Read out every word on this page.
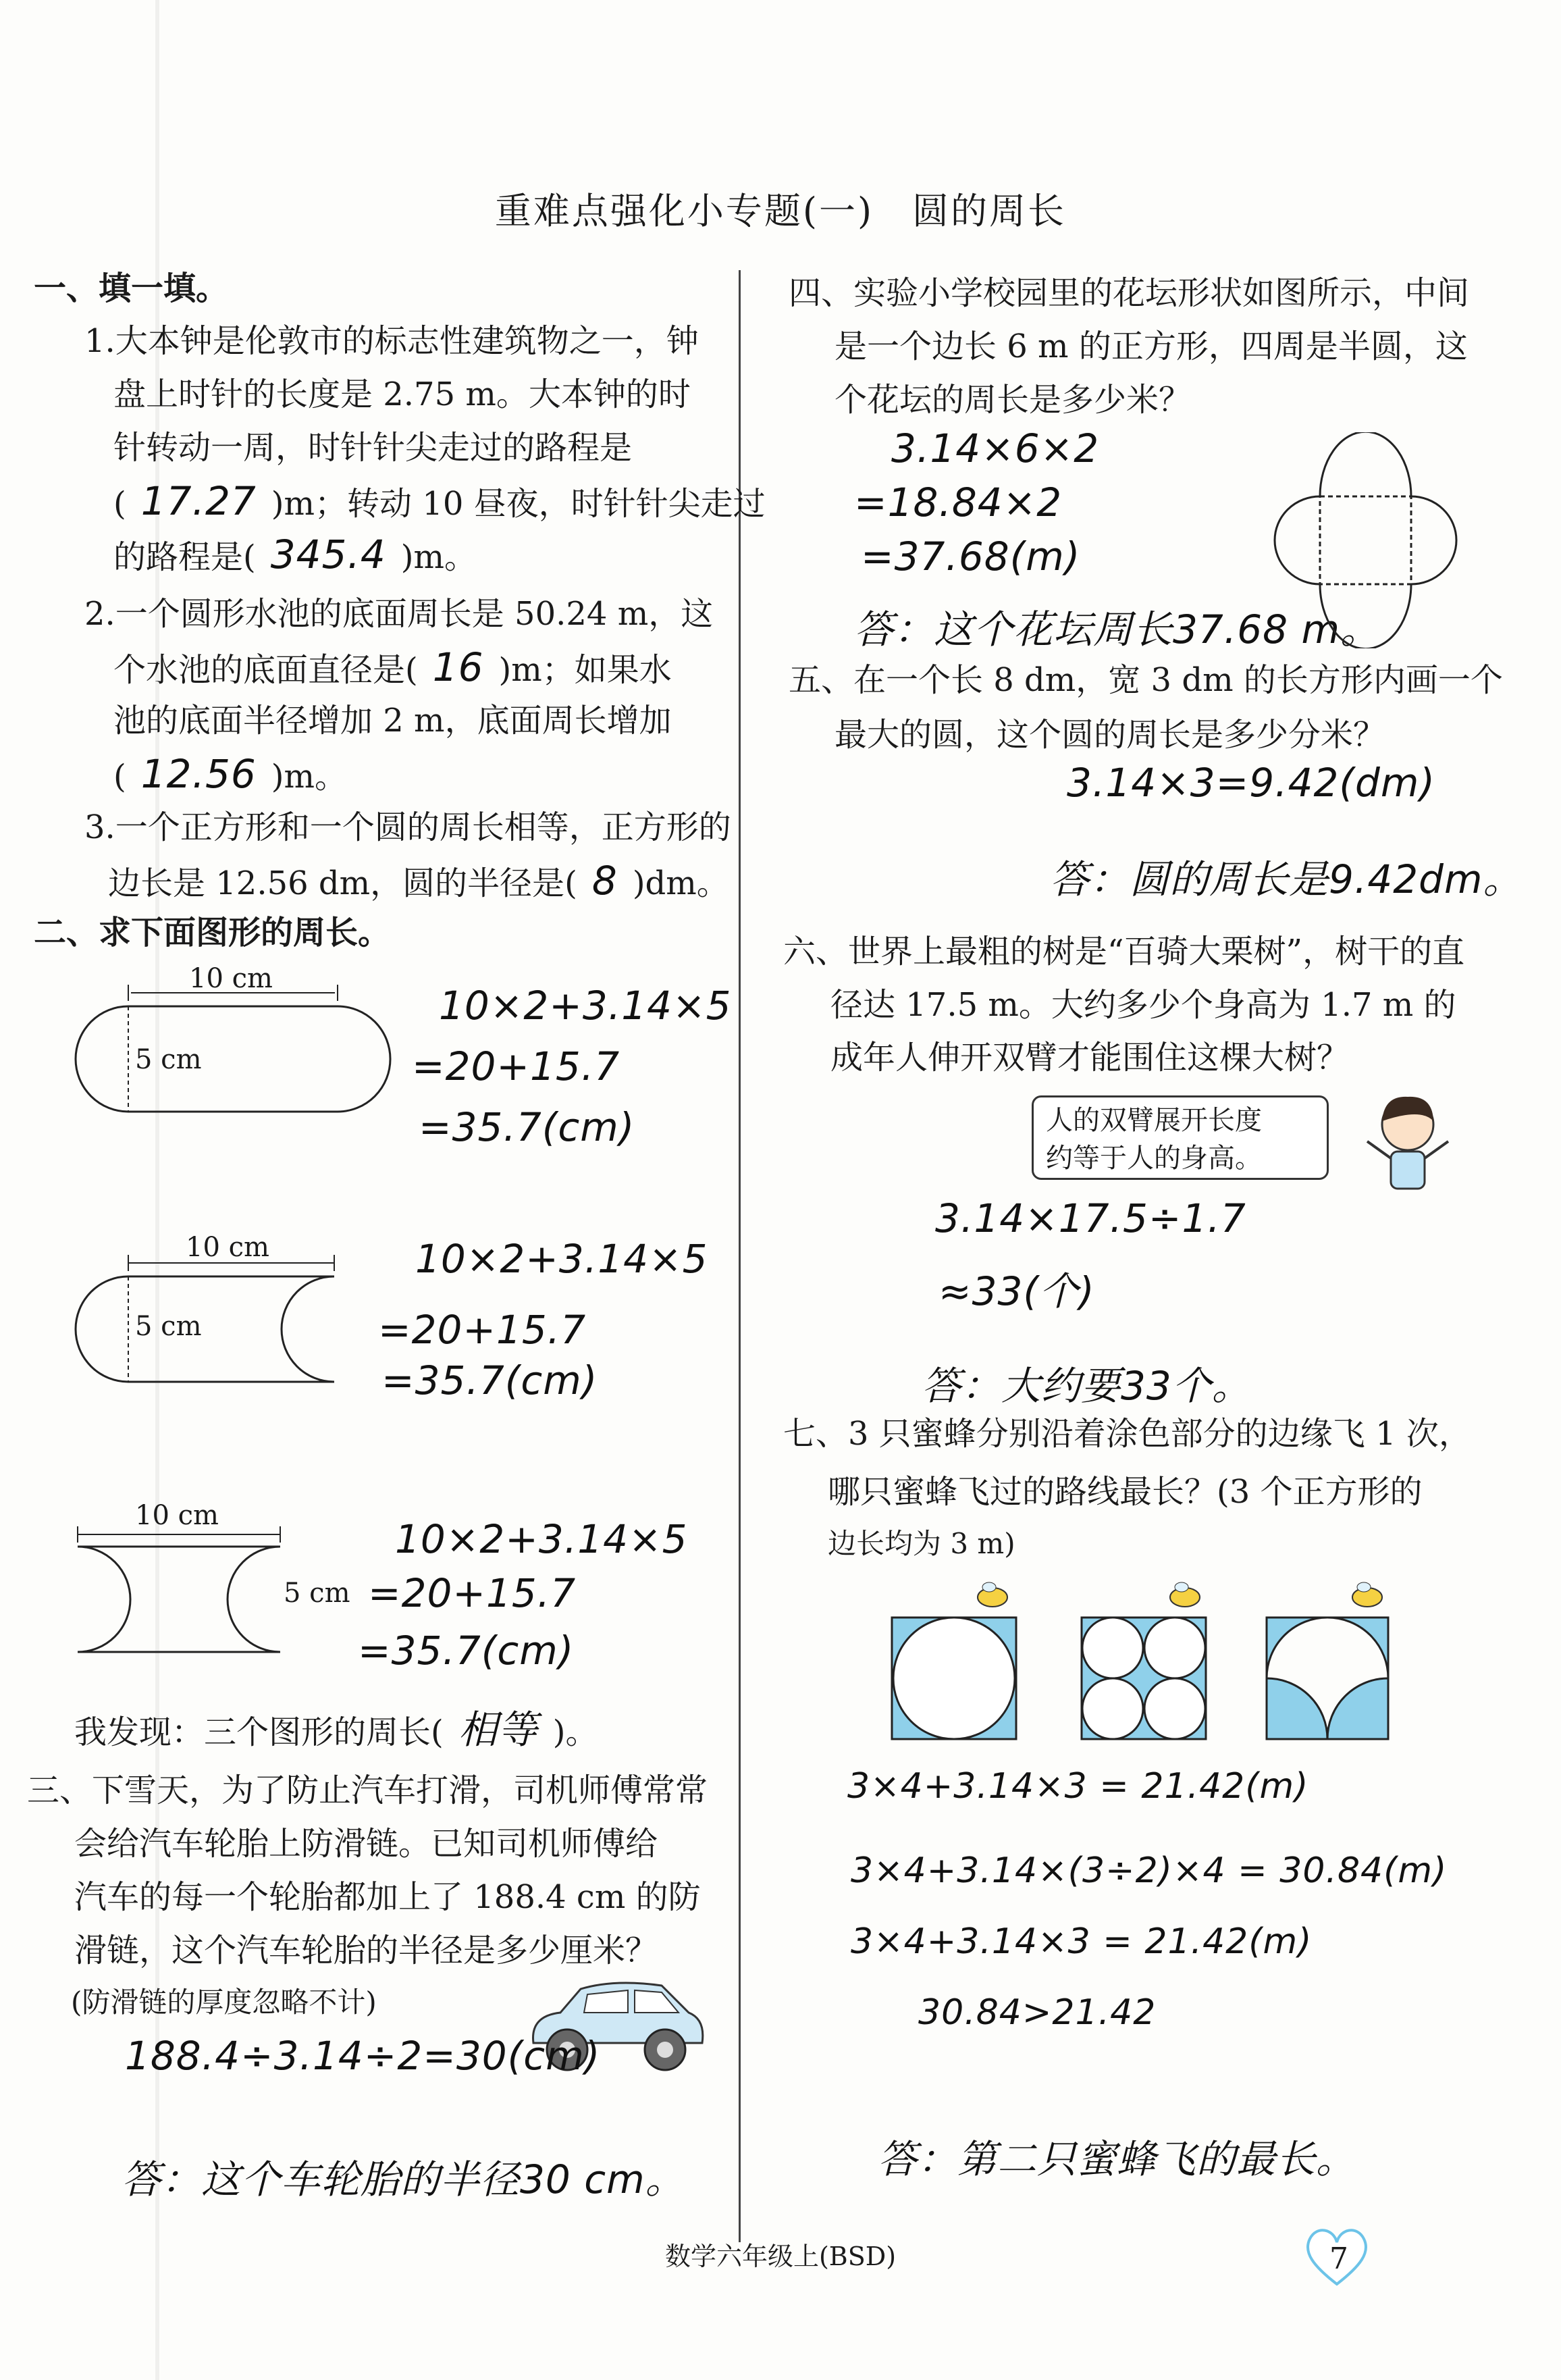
重难点强化小专题(一)　圆的周长
一、填一填。
1.大本钟是伦敦市的标志性建筑物之一，钟
盘上时针的长度是 2.75 m。大本钟的时
针转动一周，时针针尖走过的路程是
( 17.27 )m；转动 10 昼夜，时针针尖走过
的路程是( 345.4 )m。
2.一个圆形水池的底面周长是 50.24 m，这
个水池的底面直径是( 16 )m；如果水
池的底面半径增加 2 m，底面周长增加
( 12.56 )m。
3.一个正方形和一个圆的周长相等，正方形的
边长是 12.56 dm，圆的半径是( 8 )dm。
二、求下面图形的周长。
10 cm
5 cm
10×2+3.14×5
=20+15.7
=35.7(cm)
10 cm
5 cm
10×2+3.14×5
=20+15.7
=35.7(cm)
10 cm
5 cm
10×2+3.14×5
=20+15.7
=35.7(cm)
我发现：三个图形的周长( 相等 )。
三、下雪天，为了防止汽车打滑，司机师傅常常
会给汽车轮胎上防滑链。已知司机师傅给
汽车的每一个轮胎都加上了 188.4 cm 的防
滑链，这个汽车轮胎的半径是多少厘米？
(防滑链的厚度忽略不计)
188.4÷3.14÷2=30(cm)
答：这个车轮胎的半径30 cm。
四、实验小学校园里的花坛形状如图所示，中间
是一个边长 6 m 的正方形，四周是半圆，这
个花坛的周长是多少米？
3.14×6×2
=18.84×2
=37.68(m)
答：这个花坛周长37.68 m。
五、在一个长 8 dm，宽 3 dm 的长方形内画一个
最大的圆，这个圆的周长是多少分米？
3.14×3=9.42(dm)
答：圆的周长是9.42dm。
六、世界上最粗的树是“百骑大栗树”，树干的直
径达 17.5 m。大约多少个身高为 1.7 m 的
成年人伸开双臂才能围住这棵大树？
人的双臂展开长度
约等于人的身高。
3.14×17.5÷1.7
≈33(个)
答：大约要33个。
七、3 只蜜蜂分别沿着涂色部分的边缘飞 1 次，
哪只蜜蜂飞过的路线最长？(3 个正方形的
边长均为 3 m)
3×4+3.14×3 = 21.42(m)
3×4+3.14×(3÷2)×4 = 30.84(m)
3×4+3.14×3 = 21.42(m)
30.84>21.42
答：第二只蜜蜂飞的最长。
数学六年级上(BSD)	7
